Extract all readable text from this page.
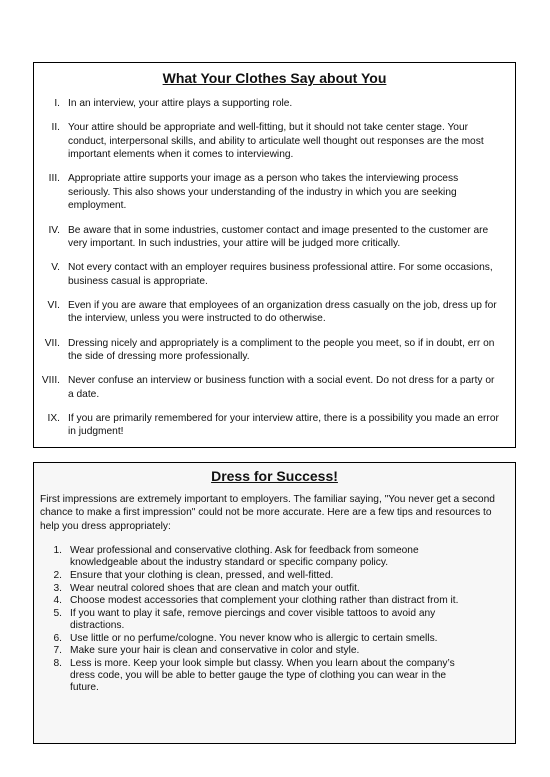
What Your Clothes Say about You
I. In an interview, your attire plays a supporting role.
II. Your attire should be appropriate and well-fitting, but it should not take center stage. Your conduct, interpersonal skills, and ability to articulate well thought out responses are the most important elements when it comes to interviewing.
III. Appropriate attire supports your image as a person who takes the interviewing process seriously. This also shows your understanding of the industry in which you are seeking employment.
IV. Be aware that in some industries, customer contact and image presented to the customer are very important. In such industries, your attire will be judged more critically.
V. Not every contact with an employer requires business professional attire. For some occasions, business casual is appropriate.
VI. Even if you are aware that employees of an organization dress casually on the job, dress up for the interview, unless you were instructed to do otherwise.
VII. Dressing nicely and appropriately is a compliment to the people you meet, so if in doubt, err on the side of dressing more professionally.
VIII. Never confuse an interview or business function with a social event. Do not dress for a party or a date.
IX. If you are primarily remembered for your interview attire, there is a possibility you made an error in judgment!
Dress for Success!

First impressions are extremely important to employers. The familiar saying, "You never get a second chance to make a first impression" could not be more accurate. Here are a few tips and resources to help you dress appropriately:

1. Wear professional and conservative clothing. Ask for feedback from someone knowledgeable about the industry standard or specific company policy.
2. Ensure that your clothing is clean, pressed, and well-fitted.
3. Wear neutral colored shoes that are clean and match your outfit.
4. Choose modest accessories that complement your clothing rather than distract from it.
5. If you want to play it safe, remove piercings and cover visible tattoos to avoid any distractions.
6. Use little or no perfume/cologne. You never know who is allergic to certain smells.
7. Make sure your hair is clean and conservative in color and style.
8. Less is more. Keep your look simple but classy. When you learn about the company’s dress code, you will be able to better gauge the type of clothing you can wear in the future.
